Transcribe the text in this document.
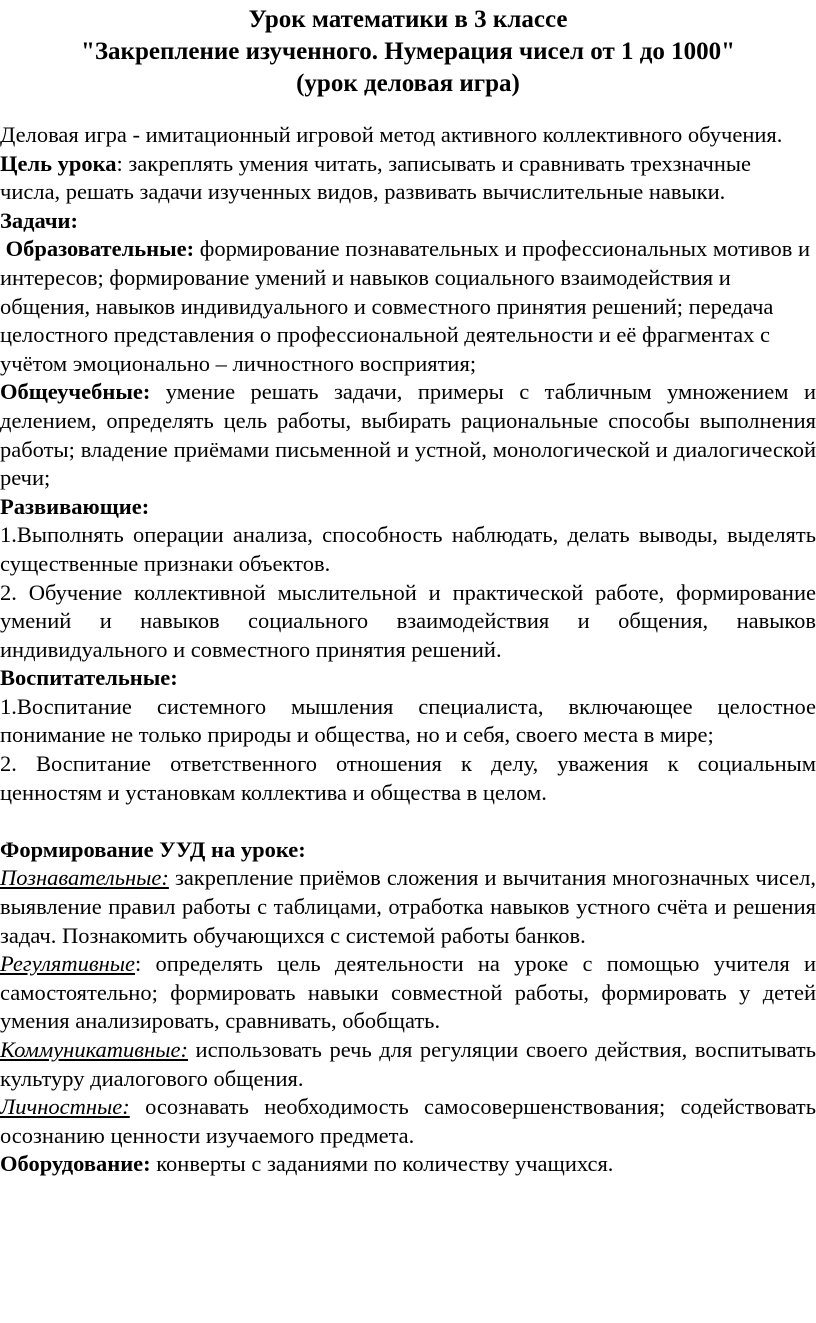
Урок математики в 3 классе
"Закрепление изученного. Нумерация чисел от 1 до 1000"
(урок деловая игра)

Деловая игра - имитационный игровой метод активного коллективного обучения.

Цель урока: закреплять умения читать, записывать и сравнивать трехзначные числа, решать задачи изученных видов, развивать вычислительные навыки.

Задачи:

Образовательные: формирование познавательных и профессиональных мотивов и интересов; формирование умений и навыков социального взаимодействия и общения, навыков индивидуального и совместного принятия решений; передача целостного представления о профессиональной деятельности и её фрагментах с учётом эмоционально – личностного восприятия;

Общеучебные: умение решать задачи, примеры с табличным умножением и делением, определять цель работы, выбирать рациональные способы выполнения работы; владение приёмами письменной и устной, монологической и диалогической речи;

Развивающие:

1.Выполнять операции анализа, способность наблюдать, делать выводы, выделять существенные признаки объектов.

2. Обучение коллективной мыслительной и практической работе, формирование умений и навыков социального взаимодействия и общения, навыков индивидуального и совместного принятия решений.

Воспитательные:

1.Воспитание системного мышления специалиста, включающее целостное понимание не только природы и общества, но и себя, своего места в мире;

2. Воспитание ответственного отношения к делу, уважения к социальным ценностям и установкам коллектива и общества в целом.

Формирование УУД на уроке:

Познавательные: закрепление приёмов сложения и вычитания многозначных чисел, выявление правил работы с таблицами, отработка навыков устного счёта и решения задач. Познакомить обучающихся с системой работы банков.

Регулятивные: определять цель деятельности на уроке с помощью учителя и самостоятельно; формировать навыки совместной работы, формировать у детей умения анализировать, сравнивать, обобщать.

Коммуникативные: использовать речь для регуляции своего действия, воспитывать культуру диалогового общения.

Личностные: осознавать необходимость самосовершенствования; содействовать осознанию ценности изучаемого предмета.

Оборудование: конверты с заданиями по количеству учащихся.
